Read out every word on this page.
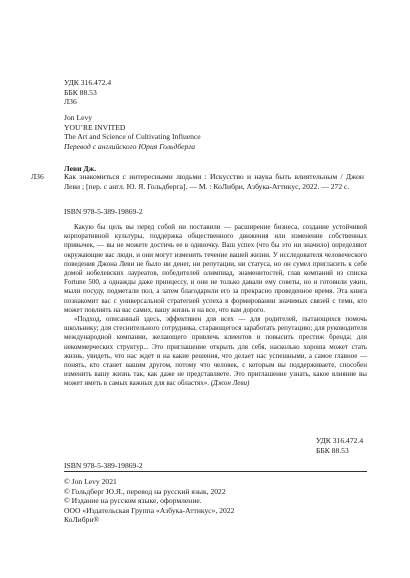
УДК 316.472.4
ББК 88.53
Л36
Jon Levy
YOU’RE INVITED
The Art and Science of Cultivating Influence
Перевод с английского Юрия Гольдберга
Л36
Леви Дж.
Как знакомиться с интересными людьми : Искусство и наука быть влиятельным / Джон Леви ; [пер. с англ. Ю. Я. Гольдберга]. — М. : КоЛибри, Азбука-Аттикус, 2022. — 272 с.
ISBN 978-5-389-19869-2

Какую бы цель вы перед собой ни поставили — расширение бизнеса, создание устойчивой корпоративной культуры, поддержка общественного движения или изменение собственных привычек, — вы не можете достичь ее в одиночку. Ваш успех (что бы это ни значило) определяют окружающие вас люди, и они могут изменить течение вашей жизни. У исследователя человеческого поведения Джона Леви не было ни денег, ни репутации, ни статуса, но он сумел пригласить к себе домой нобелевских лауреатов, победителей олимпиад, знаменитостей, глав компаний из списка Fortune 500, а однажды даже принцессу, и они не только давали ему советы, но и готовили ужин, мыли посуду, подметали пол, а затем благодарили его за прекрасно проведенное время. Эта книга познакомит вас с универсальной стратегией успеха в формировании значимых связей с теми, кто может повлиять на вас самих, вашу жизнь и на все, что вам дорого.

«Подход, описанный здесь, эффективен для всех — для родителей, пытающихся помочь школьнику; для стеснительного сотрудника, старающегося заработать репутацию; для руководителя международной компании, желающего привлечь клиентов и повысить престиж бренда; для некоммерческих структур... Это приглашение открыть для себя, насколько хороша может стать жизнь, увидеть, что нас ждет и на какие решения, что делает нас успешными, а самое главное — понять, кто станет вашим другом, потому что человек, с которым вы поддерживаете, способен изменить вашу жизнь так, как даже не представляете. Это приглашение узнать, какое влияние вы может иметь в самых важных для вас областях». (Джон Леви)

УДК 316.472.4
ББК 88.53
ISBN 978-5-389-19869-2
© Jon Levy 2021
© Гольдберг Ю.Я., перевод на русский язык, 2022
© Издание на русском языке, оформление.
ООО «Издательская Группа «Азбука-Аттикус», 2022
КоЛибри®
